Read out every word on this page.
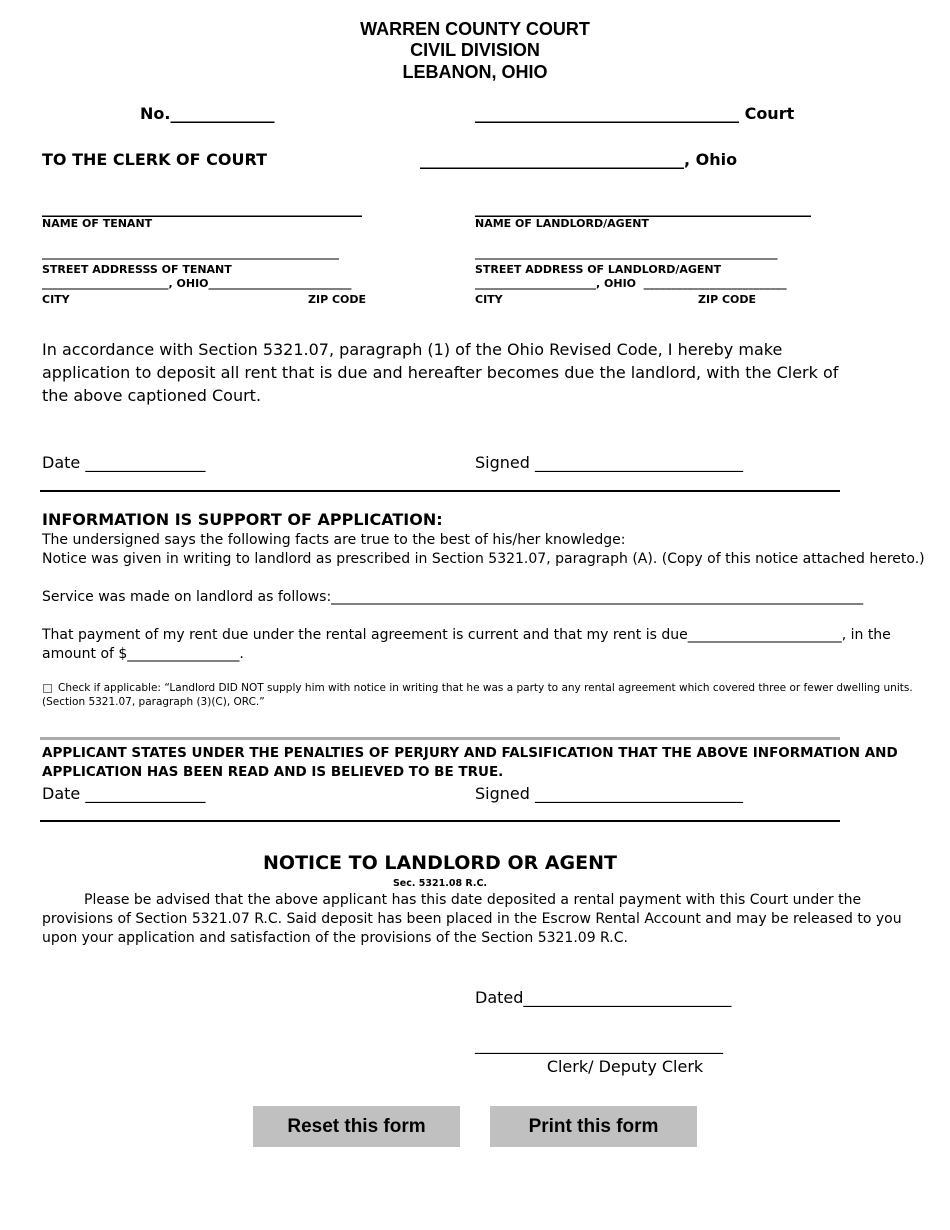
WARREN COUNTY COURT
CIVIL DIVISION
LEBANON, OHIO
No._____________	_________________________________ Court
TO THE CLERK OF COURT	_________________________________, Ohio
________________________________________
NAME OF TENANT
______________________________________________________
STREET ADDRESSS OF TENANT
_______________________, OHIO__________________________
CITY	ZIP CODE
__________________________________________
NAME OF LANDLORD/AGENT
_______________________________________________________
STREET ADDRESS OF LANDLORD/AGENT
______________________, OHIO  __________________________
CITY	ZIP CODE
In accordance with Section 5321.07, paragraph (1) of the Ohio Revised Code, I hereby make application to deposit all rent that is due and hereafter becomes due the landlord, with the Clerk of the above captioned Court.
Date _______________	Signed __________________________
INFORMATION IS SUPPORT OF APPLICATION:
The undersigned says the following facts are true to the best of his/her knowledge:
Notice was given in writing to landlord as prescribed in Section 5321.07, paragraph (A). (Copy of this notice attached hereto.)
Service was made on landlord as follows:____________________________________________________________________________
That payment of my rent due under the rental agreement is current and that my rent is due______________________, in the
amount of $________________.
Check if applicable: “Landlord DID NOT supply him with notice in writing that he was a party to any rental agreement which covered three or fewer dwelling units.
(Section 5321.07, paragraph (3)(C), ORC.”
APPLICANT STATES UNDER THE PENALTIES OF PERJURY AND FALSIFICATION THAT THE ABOVE INFORMATION AND
APPLICATION HAS BEEN READ AND IS BELIEVED TO BE TRUE.
Date _______________	Signed __________________________
NOTICE TO LANDLORD OR AGENT
Sec. 5321.08 R.C.
Please be advised that the above applicant has this date deposited a rental payment with this Court under the
provisions of Section 5321.07 R.C. Said deposit has been placed in the Escrow Rental Account and may be released to you
upon your application and satisfaction of the provisions of the Section 5321.09 R.C.
Dated__________________________
_______________________________
Clerk/ Deputy Clerk
Reset this form	Print this form
